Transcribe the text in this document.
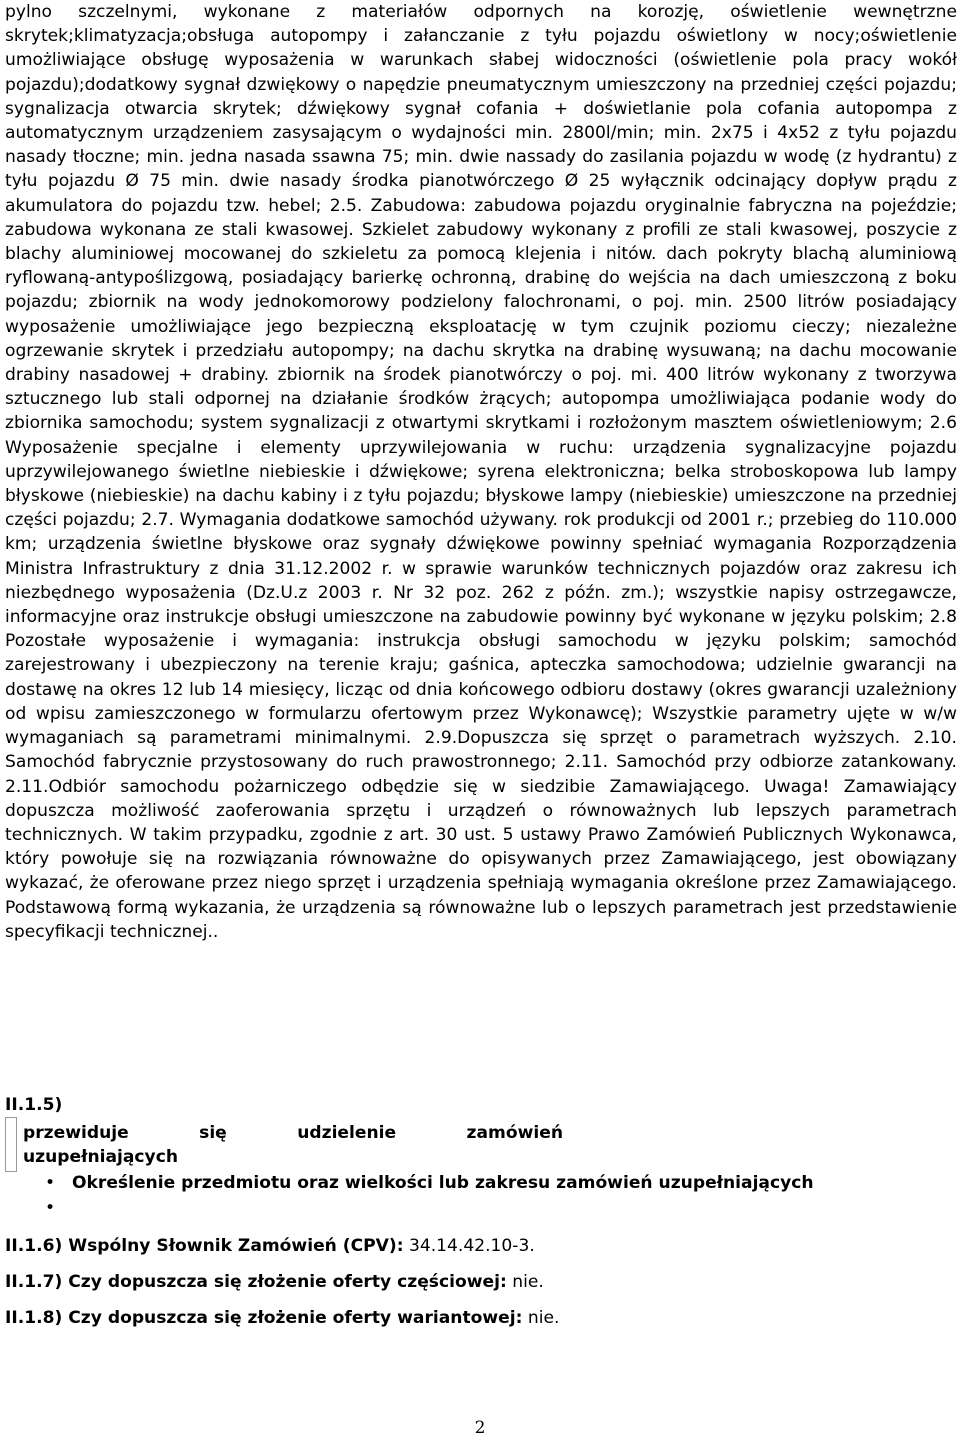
pylno szczelnymi, wykonane z materiałów odpornych na korozję, oświetlenie wewnętrzne skrytek;klimatyzacja;obsługa autopompy i załanczanie z tyłu pojazdu oświetlony w nocy;oświetlenie umożliwiające obsługę wyposażenia w warunkach słabej widoczności (oświetlenie pola pracy wokół pojazdu);dodatkowy sygnał dzwiękowy o napędzie pneumatycznym umieszczony na przedniej części pojazdu; sygnalizacja otwarcia skrytek; dźwiękowy sygnał cofania + doświetlanie pola cofania autopompa z automatycznym urządzeniem zasysającym o wydajności min. 2800l/min; min. 2x75 i 4x52 z tyłu pojazdu nasady tłoczne; min. jedna nasada ssawna 75; min. dwie nassady do zasilania pojazdu w wodę (z hydrantu) z tyłu pojazdu Ø 75 min. dwie nasady środka pianotwórczego Ø 25 wyłącznik odcinający dopływ prądu z akumulatora do pojazdu tzw. hebel; 2.5. Zabudowa: zabudowa pojazdu oryginalnie fabryczna na pojeździe; zabudowa wykonana ze stali kwasowej. Szkielet zabudowy wykonany z profili ze stali kwasowej, poszycie z blachy aluminiowej mocowanej do szkieletu za pomocą klejenia i nitów. dach pokryty blachą aluminiową ryflowaną-antypoślizgową, posiadający barierkę ochronną, drabinę do wejścia na dach umieszczoną z boku pojazdu; zbiornik na wody jednokomorowy podzielony falochronami, o poj. min. 2500 litrów posiadający wyposażenie umożliwiające jego bezpieczną eksploatację w tym czujnik poziomu cieczy; niezależne ogrzewanie skrytek i przedziału autopompy; na dachu skrytka na drabinę wysuwaną; na dachu mocowanie drabiny nasadowej + drabiny. zbiornik na środek pianotwórczy o poj. mi. 400 litrów wykonany z tworzywa sztucznego lub stali odpornej na działanie środków żrących; autopompa umożliwiająca podanie wody do zbiornika samochodu; system sygnalizacji z otwartymi skrytkami i rozłożonym masztem oświetleniowym; 2.6 Wyposażenie specjalne i elementy uprzywilejowania w ruchu: urządzenia sygnalizacyjne pojazdu uprzywilejowanego świetlne niebieskie i dźwiękowe; syrena elektroniczna; belka stroboskopowa lub lampy błyskowe (niebieskie) na dachu kabiny i z tyłu pojazdu; błyskowe lampy (niebieskie) umieszczone na przedniej części pojazdu; 2.7. Wymagania dodatkowe samochód używany. rok produkcji od 2001 r.; przebieg do 110.000 km; urządzenia świetlne błyskowe oraz sygnały dźwiękowe powinny spełniać wymagania Rozporządzenia Ministra Infrastruktury z dnia 31.12.2002 r. w sprawie warunków technicznych pojazdów oraz zakresu ich niezbędnego wyposażenia (Dz.U.z 2003 r. Nr 32 poz. 262 z późn. zm.); wszystkie napisy ostrzegawcze, informacyjne oraz instrukcje obsługi umieszczone na zabudowie powinny być wykonane w języku polskim; 2.8 Pozostałe wyposażenie i wymagania: instrukcja obsługi samochodu w języku polskim; samochód zarejestrowany i ubezpieczony na terenie kraju; gaśnica, apteczka samochodowa; udzielnie gwarancji na dostawę na okres 12 lub 14 miesięcy, licząc od dnia końcowego odbioru dostawy (okres gwarancji uzależniony od wpisu zamieszczonego w formularzu ofertowym przez Wykonawcę); Wszystkie parametry ujęte w w/w wymaganiach są parametrami minimalnymi. 2.9.Dopuszcza się sprzęt o parametrach wyższych. 2.10. Samochód fabrycznie przystosowany do ruch prawostronnego; 2.11. Samochód przy odbiorze zatankowany. 2.11.Odbiór samochodu pożarniczego odbędzie się w siedzibie Zamawiającego. Uwaga! Zamawiający dopuszcza możliwość zaoferowania sprzętu i urządzeń o równoważnych lub lepszych parametrach technicznych. W takim przypadku, zgodnie z art. 30 ust. 5 ustawy Prawo Zamówień Publicznych Wykonawca, który powołuje się na rozwiązania równoważne do opisywanych przez Zamawiającego, jest obowiązany wykazać, że oferowane przez niego sprzęt i urządzenia spełniają wymagania określone przez Zamawiającego. Podstawową formą wykazania, że urządzenia są równoważne lub o lepszych parametrach jest przedstawienie specyfikacji technicznej..

II.1.5)

przewiduje się udzielenie zamówień
uzupełniających
• Określenie przedmiotu oraz wielkości lub zakresu zamówień uzupełniających
•

II.1.6) Wspólny Słownik Zamówień (CPV): 34.14.42.10-3.

II.1.7) Czy dopuszcza się złożenie oferty częściowej: nie.

II.1.8) Czy dopuszcza się złożenie oferty wariantowej: nie.

2
